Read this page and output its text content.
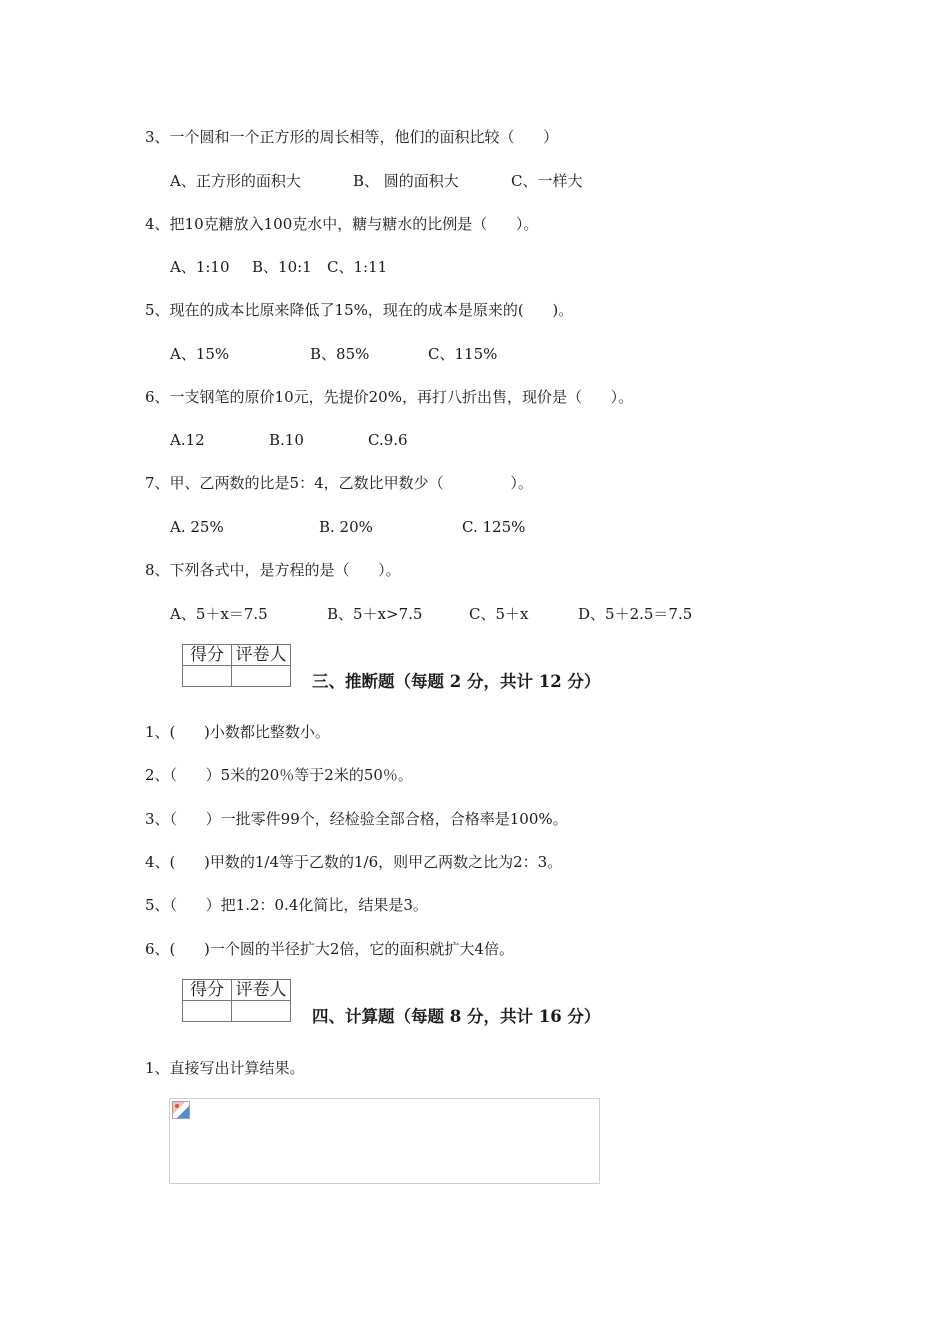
3、一个圆和一个正方形的周长相等，他们的面积比较（      ）
A、正方形的面积大	B、 圆的面积大	C、一样大
4、把10克糖放入100克水中，糖与糖水的比例是（      ）。
A、1:10 B、10:1 C、1:11
5、现在的成本比原来降低了15%，现在的成本是原来的(      )。
A、15%	B、85%	C、115%
6、一支钢笔的原价10元，先提价20%，再打八折出售，现价是（      ）。
A.12	B.10	C.9.6
7、甲、乙两数的比是5：4，乙数比甲数少（              ）。
A. 25%	B. 20%	C. 125%
8、下列各式中，是方程的是（      ）。
A、5＋x＝7.5	B、5＋x>7.5	C、5＋x	D、5＋2.5＝7.5
得分	评卷人

三、推断题（每题 2 分，共计 12 分）
1、(      )小数都比整数小。
2、（      ）5米的20％等于2米的50％。
3、（      ）一批零件99个，经检验全部合格，合格率是100%。
4、(      )甲数的1/4等于乙数的1/6，则甲乙两数之比为2：3。
5、（      ）把1.2：0.4化简比，结果是3。
6、(      )一个圆的半径扩大2倍，它的面积就扩大4倍。
得分	评卷人

四、计算题（每题 8 分，共计 16 分）
1、直接写出计算结果。
